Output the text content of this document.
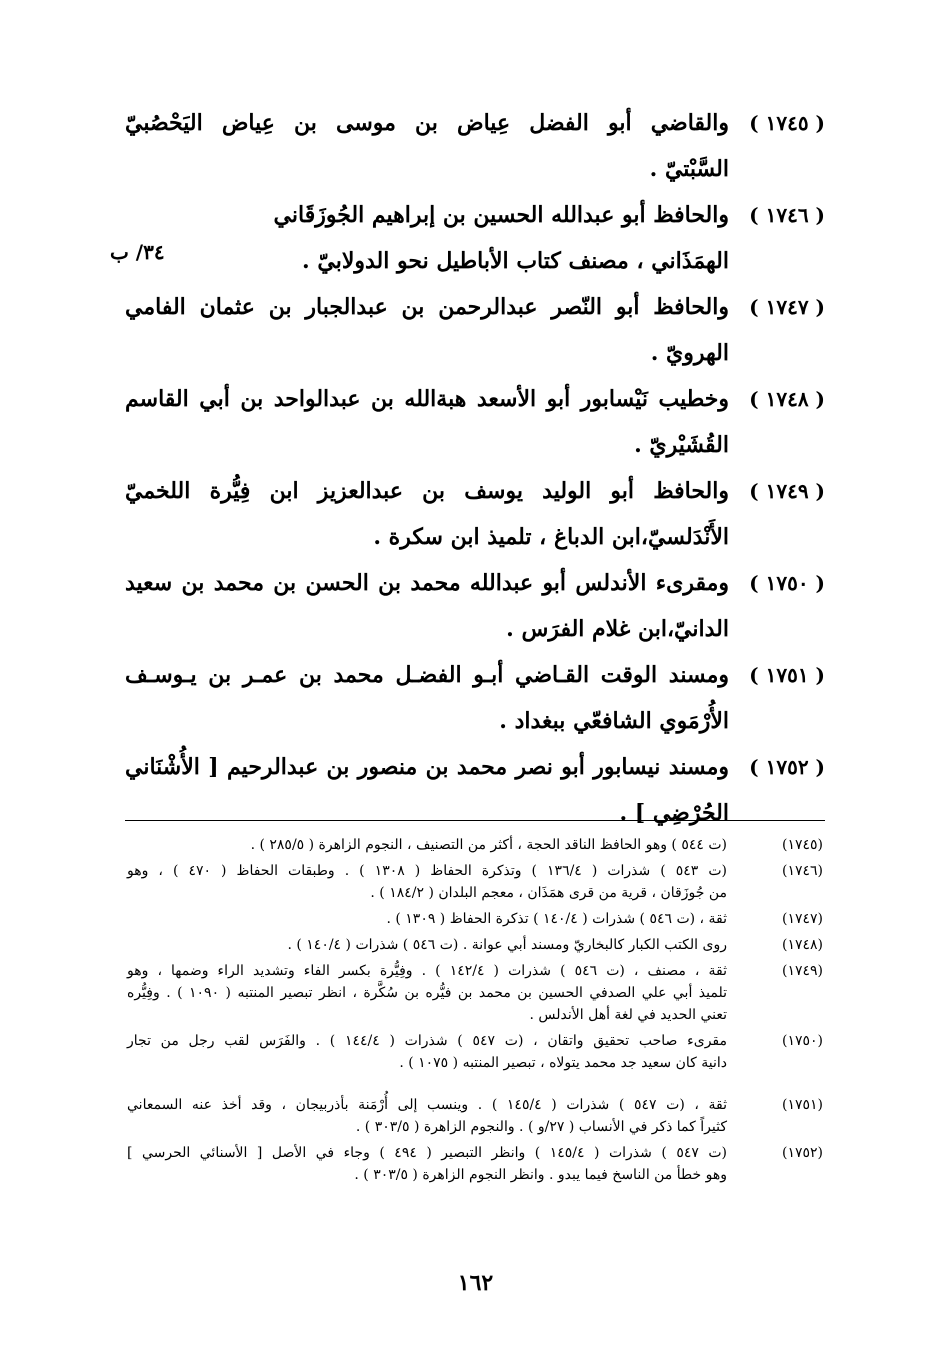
( ١٧٤٥ )
والقاضي أبو الفضل عِياض بن موسى بن عِياض اليَحْصُبيّ
السَّبْتيّ .
( ١٧٤٦ )
والحافظ أبو عبدالله الحسين بن إبراهيم الجُوزَقَاني
الهمَذَاني ، مصنف كتاب الأباطيل نحو الدولابيّ .
( ١٧٤٧ )
والحافظ أبو النّصر عبدالرحمن بن عبدالجبار بن عثمان الفامي
الهرويّ .
( ١٧٤٨ )
وخطيب نَيْسابور أبو الأسعد هبةالله بن عبدالواحد بن أبي القاسم
القُشَيْريّ .
( ١٧٤٩ )
والحافظ أبو الوليد يوسف بن عبدالعزيز ابن فِيُّرة اللخميّ
الأَنْدَلسيّ،ابن الدباغ ، تلميذ ابن سكرة .
( ١٧٥٠ )
ومقرىء الأندلس أبو عبدالله محمد بن الحسن بن محمد بن سعيد
الدانيّ،ابن غلام الفرَس .
( ١٧٥١ )
ومسند الوقت القـاضي أبـو الفضـل محمد بن عمـر بن يـوسـف
الأُرْمَوي الشافعّي ببغداد .
( ١٧٥٢ )
ومسند نيسابور أبو نصر محمد بن منصور بن عبدالرحيم [ الأُشْنَاني
الحُرْضِي ] .
٣٤/ ب
(١٧٤٥)
(ت ٥٤٤ ) وهو الحافظ الناقد الحجة ، أكثر من التصنيف ، النجوم الزاهرة ( ٢٨٥/٥ ) .
(١٧٤٦)
(ت ٥٤٣ ) شذرات ( ١٣٦/٤ ) وتذكرة الحفاظ ( ١٣٠٨ ) . وطبقات الحفاظ ( ٤٧٠ ) ، وهو
من جُوزَقان ، قرية من قرى همَذَان ، معجم البلدان ( ١٨٤/٢ ) .
(١٧٤٧)
ثقة ، (ت ٥٤٦ ) شذرات ( ١٤٠/٤ ) تذكرة الحفاظ ( ١٣٠٩ ) .
(١٧٤٨)
روى الكتب الكبار كالبخاريّ ومسند أبي عوانة . (ت ٥٤٦ ) شذرات ( ١٤٠/٤ ) .
(١٧٤٩)
ثقة ، مصنف ، (ت ٥٤٦ ) شذرات ( ١٤٢/٤ ) . وفِيُّرة بكسر الفاء وتشديد الراء وضمها ، وهو
تلميذ أبي علي الصدفي الحسين بن محمد بن فيُّره بن سُكَّرة ، انظر تبصير المنتبه ( ١٠٩٠ ) . وفِيُّره
تعني الحديد في لغة أهل الأندلس .
(١٧٥٠)
مقرىء صاحب تحقيق واتقان ، (ت ٥٤٧ ) شذرات ( ١٤٤/٤ ) . والفَرَس لقب رجل من تجار
دانية كان سعيد جد محمد يتولاه ، تبصير المنتبه ( ١٠٧٥ ) .
(١٧٥١)
ثقة ، (ت ٥٤٧ ) شذرات ( ١٤٥/٤ ) . وينسب إلى أُرْمَنة بأذربيجان ، وقد أخذ عنه السمعاني
كثيراً كما ذكر في الأنساب ( ٢٧/و ) . والنجوم الزاهرة ( ٣٠٣/٥ ) .
(١٧٥٢)
(ت ٥٤٧ ) شذرات ( ١٤٥/٤ ) وانظر التبصير ( ٤٩٤ ) وجاء في الأصل [ الأسنائي الحرسي ]
وهو خطأ من الناسخ فيما يبدو . وانظر النجوم الزاهرة ( ٣٠٣/٥ ) .
١٦٢
